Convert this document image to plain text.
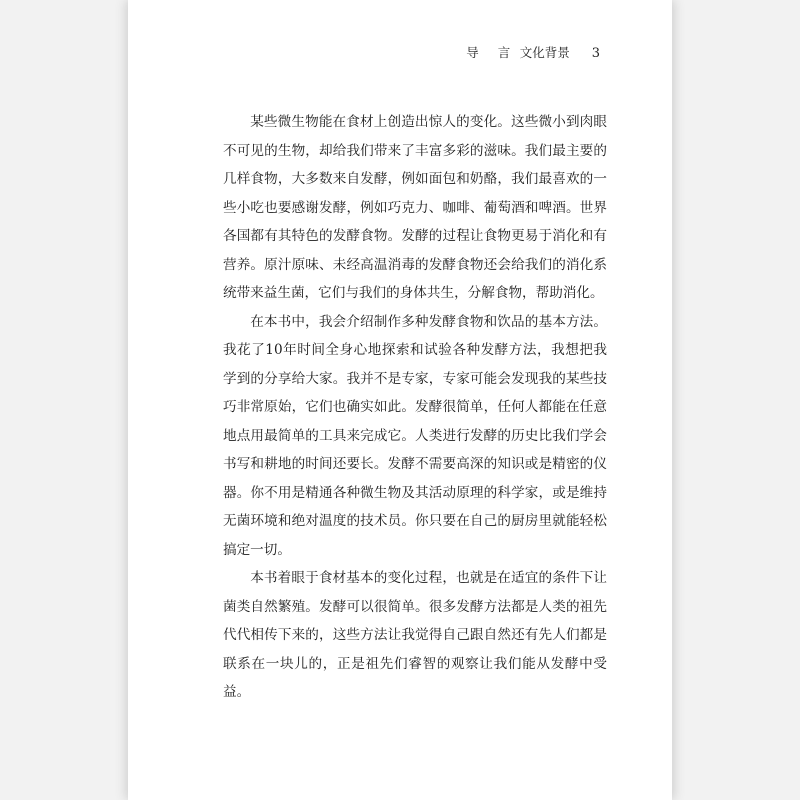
导 言 文化背景 3

某些微生物能在食材上创造出惊人的变化。这些微小到肉眼不可见的生物，却给我们带来了丰富多彩的滋味。我们最主要的几样食物，大多数来自发酵，例如面包和奶酪，我们最喜欢的一些小吃也要感谢发酵，例如巧克力、咖啡、葡萄酒和啤酒。世界各国都有其特色的发酵食物。发酵的过程让食物更易于消化和有营养。原汁原味、未经高温消毒的发酵食物还会给我们的消化系统带来益生菌，它们与我们的身体共生，分解食物，帮助消化。

在本书中，我会介绍制作多种发酵食物和饮品的基本方法。我花了10年时间全身心地探索和试验各种发酵方法，我想把我学到的分享给大家。我并不是专家，专家可能会发现我的某些技巧非常原始，它们也确实如此。发酵很简单，任何人都能在任意地点用最简单的工具来完成它。人类进行发酵的历史比我们学会书写和耕地的时间还要长。发酵不需要高深的知识或是精密的仪器。你不用是精通各种微生物及其活动原理的科学家，或是维持无菌环境和绝对温度的技术员。你只要在自己的厨房里就能轻松搞定一切。

本书着眼于食材基本的变化过程，也就是在适宜的条件下让菌类自然繁殖。发酵可以很简单。很多发酵方法都是人类的祖先代代相传下来的，这些方法让我觉得自己跟自然还有先人们都是联系在一块儿的，正是祖先们睿智的观察让我们能从发酵中受益。
